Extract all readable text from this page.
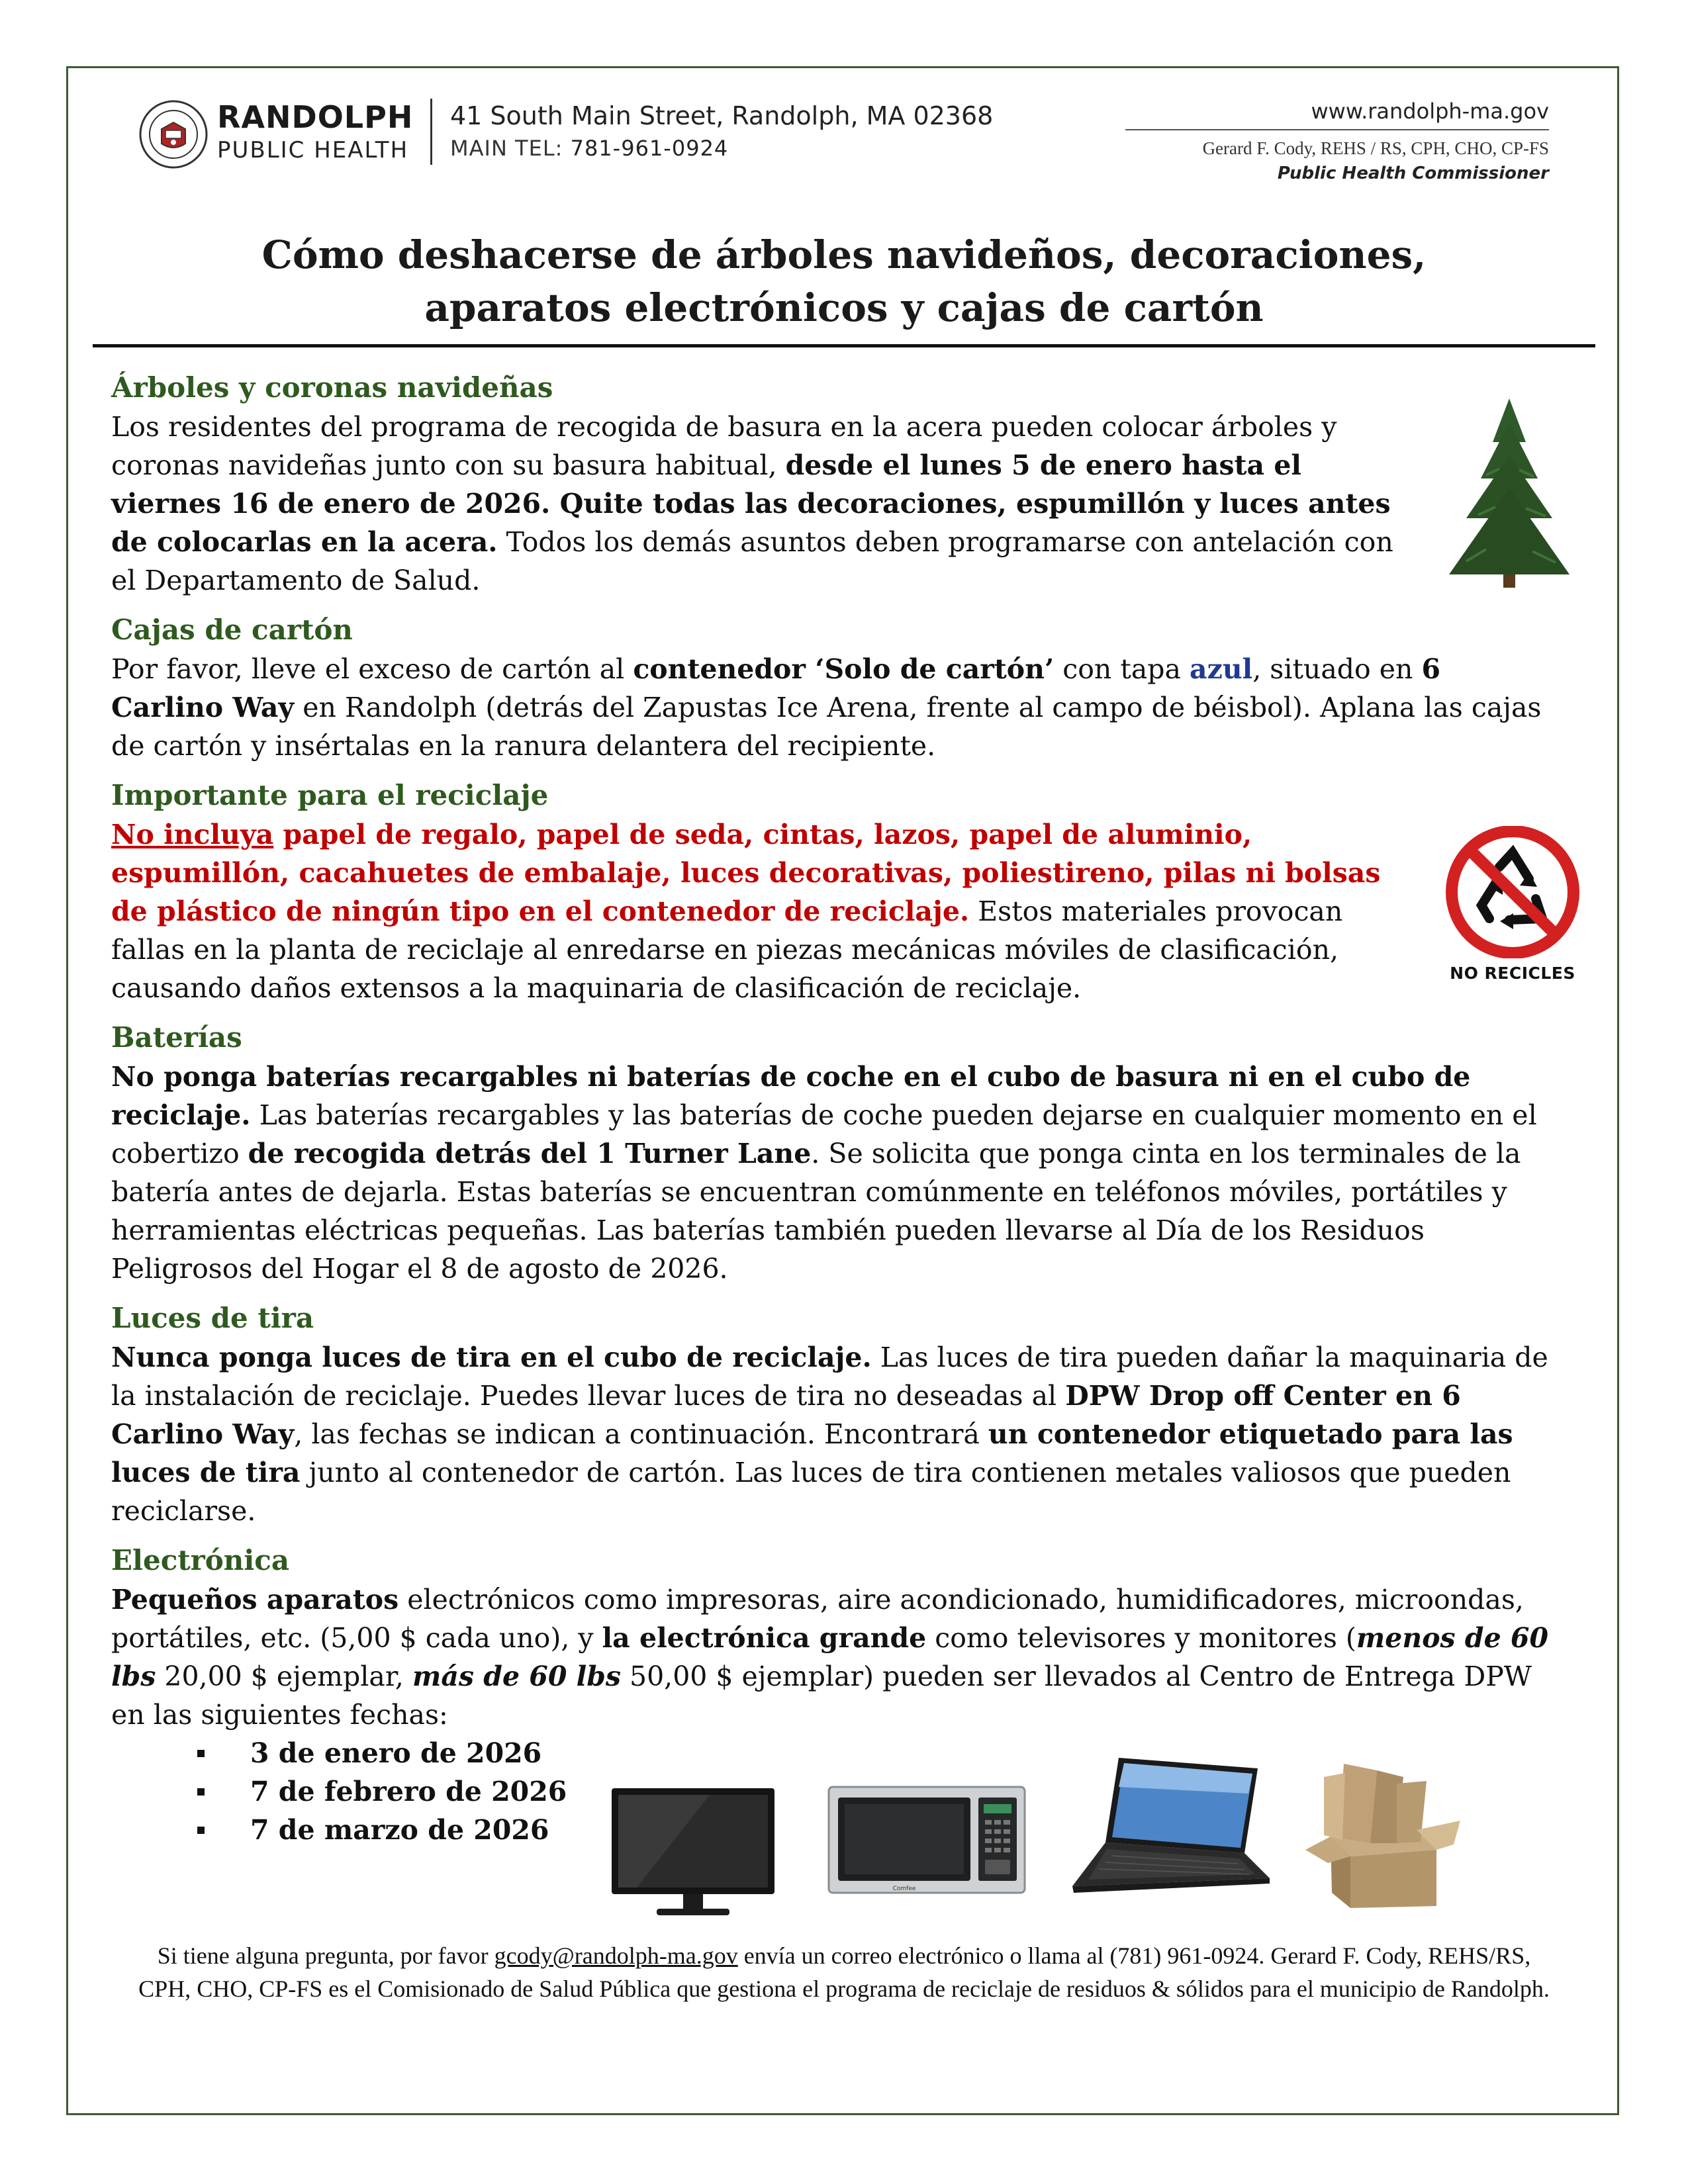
RANDOLPH
PUBLIC HEALTH
41 South Main Street, Randolph, MA 02368
MAIN TEL: 781-961-0924
www.randolph-ma.gov
Gerard F. Cody, REHS / RS, CPH, CHO, CP-FS
Public Health Commissioner
Cómo deshacerse de árboles navideños, decoraciones,
aparatos electrónicos y cajas de cartón
Árboles y coronas navideñas

Los residentes del programa de recogida de basura en la acera pueden colocar árboles y coronas navideñas junto con su basura habitual, desde el lunes 5 de enero hasta el viernes 16 de enero de 2026. Quite todas las decoraciones, espumillón y luces antes de colocarlas en la acera. Todos los demás asuntos deben programarse con antelación con el Departamento de Salud.

Cajas de cartón

Por favor, lleve el exceso de cartón al contenedor ‘Solo de cartón’ con tapa azul, situado en 6 Carlino Way en Randolph (detrás del Zapustas Ice Arena, frente al campo de béisbol). Aplana las cajas de cartón y insértalas en la ranura delantera del recipiente.

Importante para el reciclaje

No incluya papel de regalo, papel de seda, cintas, lazos, papel de aluminio, espumillón, cacahuetes de embalaje, luces decorativas, poliestireno, pilas ni bolsas de plástico de ningún tipo en el contenedor de reciclaje. Estos materiales provocan fallas en la planta de reciclaje al enredarse en piezas mecánicas móviles de clasificación, causando daños extensos a la maquinaria de clasificación de reciclaje.

Baterías

No ponga baterías recargables ni baterías de coche en el cubo de basura ni en el cubo de reciclaje. Las baterías recargables y las baterías de coche pueden dejarse en cualquier momento en el cobertizo de recogida detrás del 1 Turner Lane. Se solicita que ponga cinta en los terminales de la batería antes de dejarla. Estas baterías se encuentran comúnmente en teléfonos móviles, portátiles y herramientas eléctricas pequeñas. Las baterías también pueden llevarse al Día de los Residuos Peligrosos del Hogar el 8 de agosto de 2026.

Luces de tira

Nunca ponga luces de tira en el cubo de reciclaje. Las luces de tira pueden dañar la maquinaria de la instalación de reciclaje. Puedes llevar luces de tira no deseadas al DPW Drop off Center en 6 Carlino Way, las fechas se indican a continuación. Encontrará un contenedor etiquetado para las luces de tira junto al contenedor de cartón. Las luces de tira contienen metales valiosos que pueden reciclarse.

Electrónica

Pequeños aparatos electrónicos como impresoras, aire acondicionado, humidificadores, microondas, portátiles, etc. (5,00 $ cada uno), y la electrónica grande como televisores y monitores (menos de 60 lbs 20,00 $ ejemplar, más de 60 lbs 50,00 $ ejemplar) pueden ser llevados al Centro de Entrega DPW en las siguientes fechas:

3 de enero de 2026
7 de febrero de 2026
7 de marzo de 2026
NO RECICLES
Comfee
Si tiene alguna pregunta, por favor gcody@randolph-ma.gov envía un correo electrónico o llama al (781) 961-0924. Gerard F. Cody, REHS/RS, CPH, CHO, CP-FS es el Comisionado de Salud Pública que gestiona el programa de reciclaje de residuos & sólidos para el municipio de Randolph.
